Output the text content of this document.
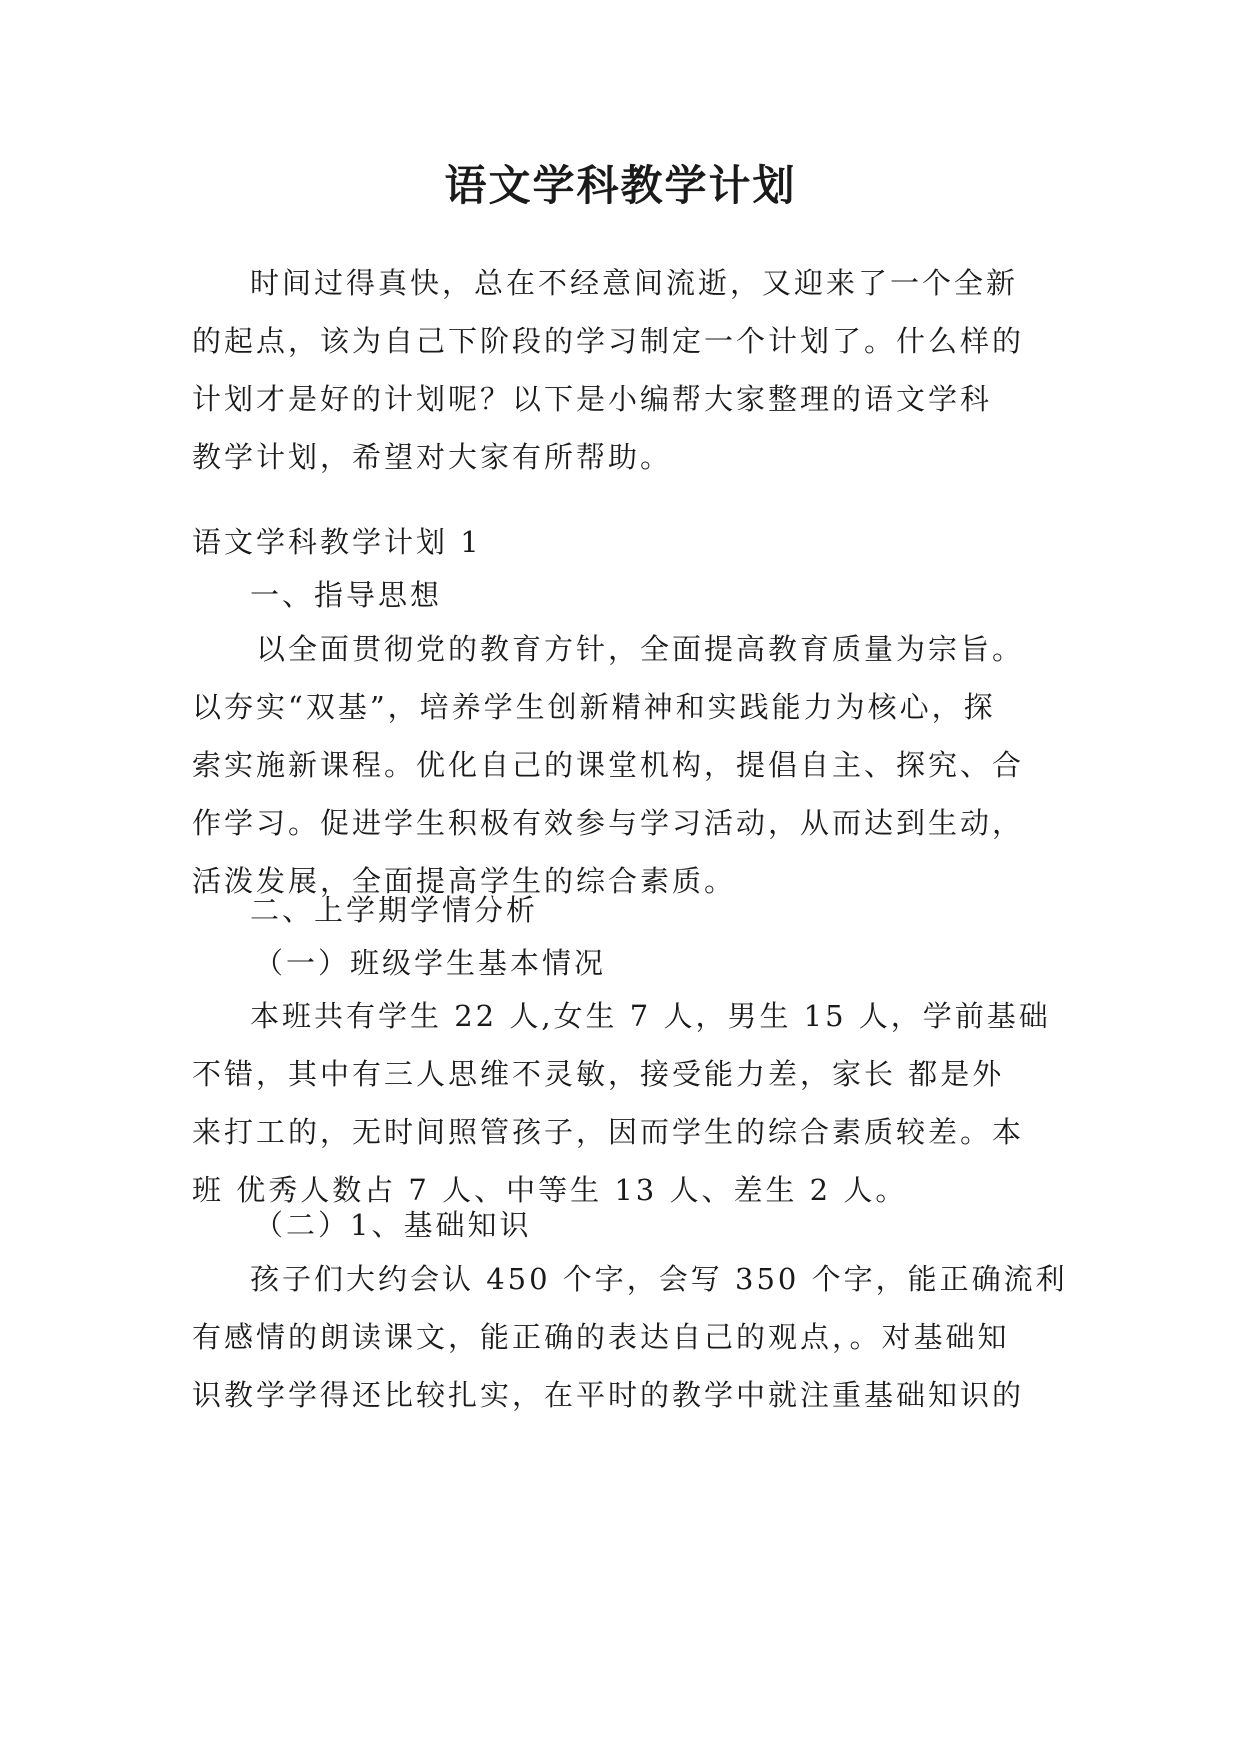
语文学科教学计划
时间过得真快，总在不经意间流逝，又迎来了一个全新
的起点，该为自己下阶段的学习制定一个计划了。什么样的
计划才是好的计划呢？以下是小编帮大家整理的语文学科
教学计划，希望对大家有所帮助。
语文学科教学计划 1
一、指导思想
以全面贯彻党的教育方针，全面提高教育质量为宗旨。
以夯实“双基”，培养学生创新精神和实践能力为核心，探
索实施新课程。优化自己的课堂机构，提倡自主、探究、合
作学习。促进学生积极有效参与学习活动，从而达到生动，
活泼发展，全面提高学生的综合素质。
二、上学期学情分析
（一）班级学生基本情况
本班共有学生 22 人,女生 7 人，男生 15 人，学前基础
不错，其中有三人思维不灵敏，接受能力差，家长 都是外
来打工的，无时间照管孩子，因而学生的综合素质较差。本
班 优秀人数占 7 人、中等生 13 人、差生 2 人。
（二）1、基础知识
孩子们大约会认 450 个字，会写 350 个字，能正确流利
有感情的朗读课文，能正确的表达自己的观点，。对基础知
识教学学得还比较扎实，在平时的教学中就注重基础知识的
